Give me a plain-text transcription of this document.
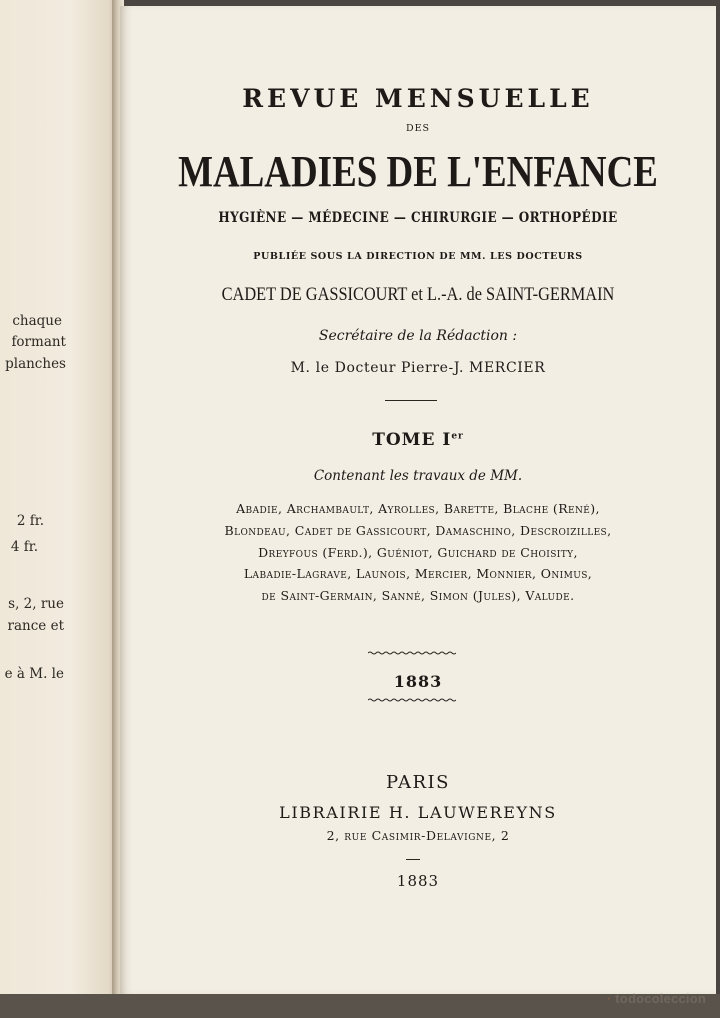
chaque
formant
planches
2 fr.
4 fr.
s, 2, rue
rance et
e à M. le
REVUE MENSUELLE
DES
MALADIES DE L'ENFANCE
HYGIÈNE — MÉDECINE — CHIRURGIE — ORTHOPÉDIE
PUBLIÉE SOUS LA DIRECTION DE MM. LES DOCTEURS
CADET DE GASSICOURT et L.-A. de SAINT-GERMAIN
Secrétaire de la Rédaction :
M. le Docteur Pierre-J. MERCIER
TOME Ier
Contenant les travaux de MM.
Abadie, Archambault, Ayrolles, Barette, Blache (René),
Blondeau, Cadet de Gassicourt, Damaschino, Descroizilles,
Dreyfous (Ferd.), Guéniot, Guichard de Choisity,
Labadie-Lagrave, Launois, Mercier, Monnier, Onimus,
de Saint-Germain, Sanné, Simon (Jules), Valude.
1883
PARIS
LIBRAIRIE H. LAUWEREYNS
2, rue Casimir-Delavigne, 2
1883
· todocoleccion
